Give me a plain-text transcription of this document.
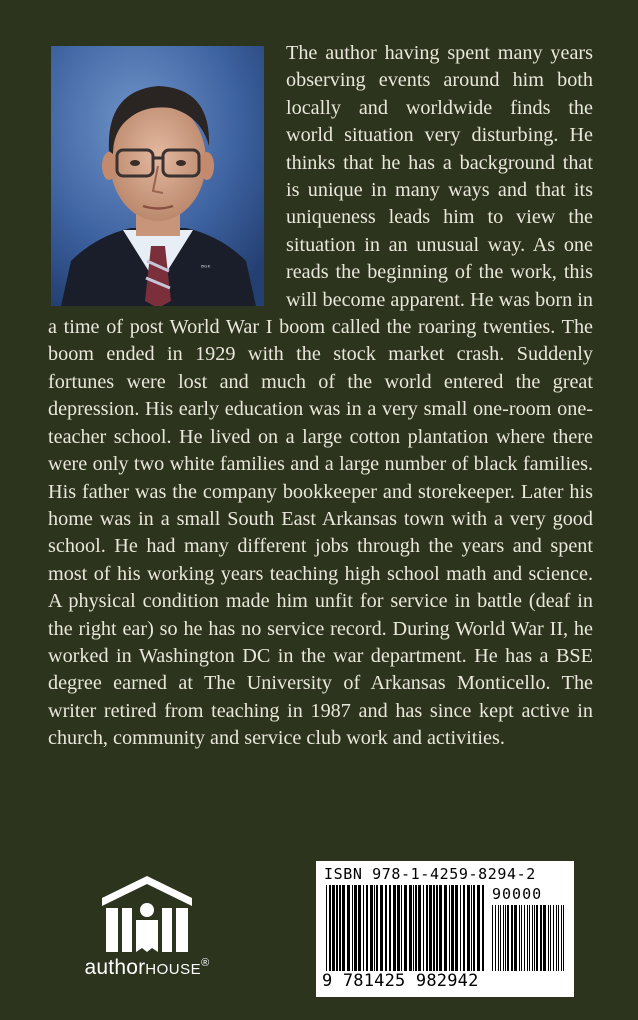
ᴮᴳᴷ
The author having spent many years observing events around him both locally and worldwide finds the world situation very disturbing. He thinks that he has a background that is unique in many ways and that its uniqueness leads him to view the situation in an unusual way. As one reads the beginning of the work, this will become apparent. He was born in a time of post World War I boom called the roaring twenties. The boom ended in 1929 with the stock market crash. Suddenly fortunes were lost and much of the world entered the great depression. His early education was in a very small one-room one-teacher school. He lived on a large cotton plantation where there were only two white families and a large number of black families. His father was the company bookkeeper and storekeeper. Later his home was in a small South East Arkansas town with a very good school. He had many different jobs through the years and spent most of his working years teaching high school math and science. A physical condition made him unfit for service in battle (deaf in the right ear) so he has no service record. During World War II, he worked in Washington DC in the war department. He has a BSE degree earned at The University of Arkansas Monticello. The writer retired from teaching in 1987 and has since kept active in church, community and service club work and activities.
authorHOUSE®
ISBN 978-1-4259-8294-2
90000
9 781425 982942
